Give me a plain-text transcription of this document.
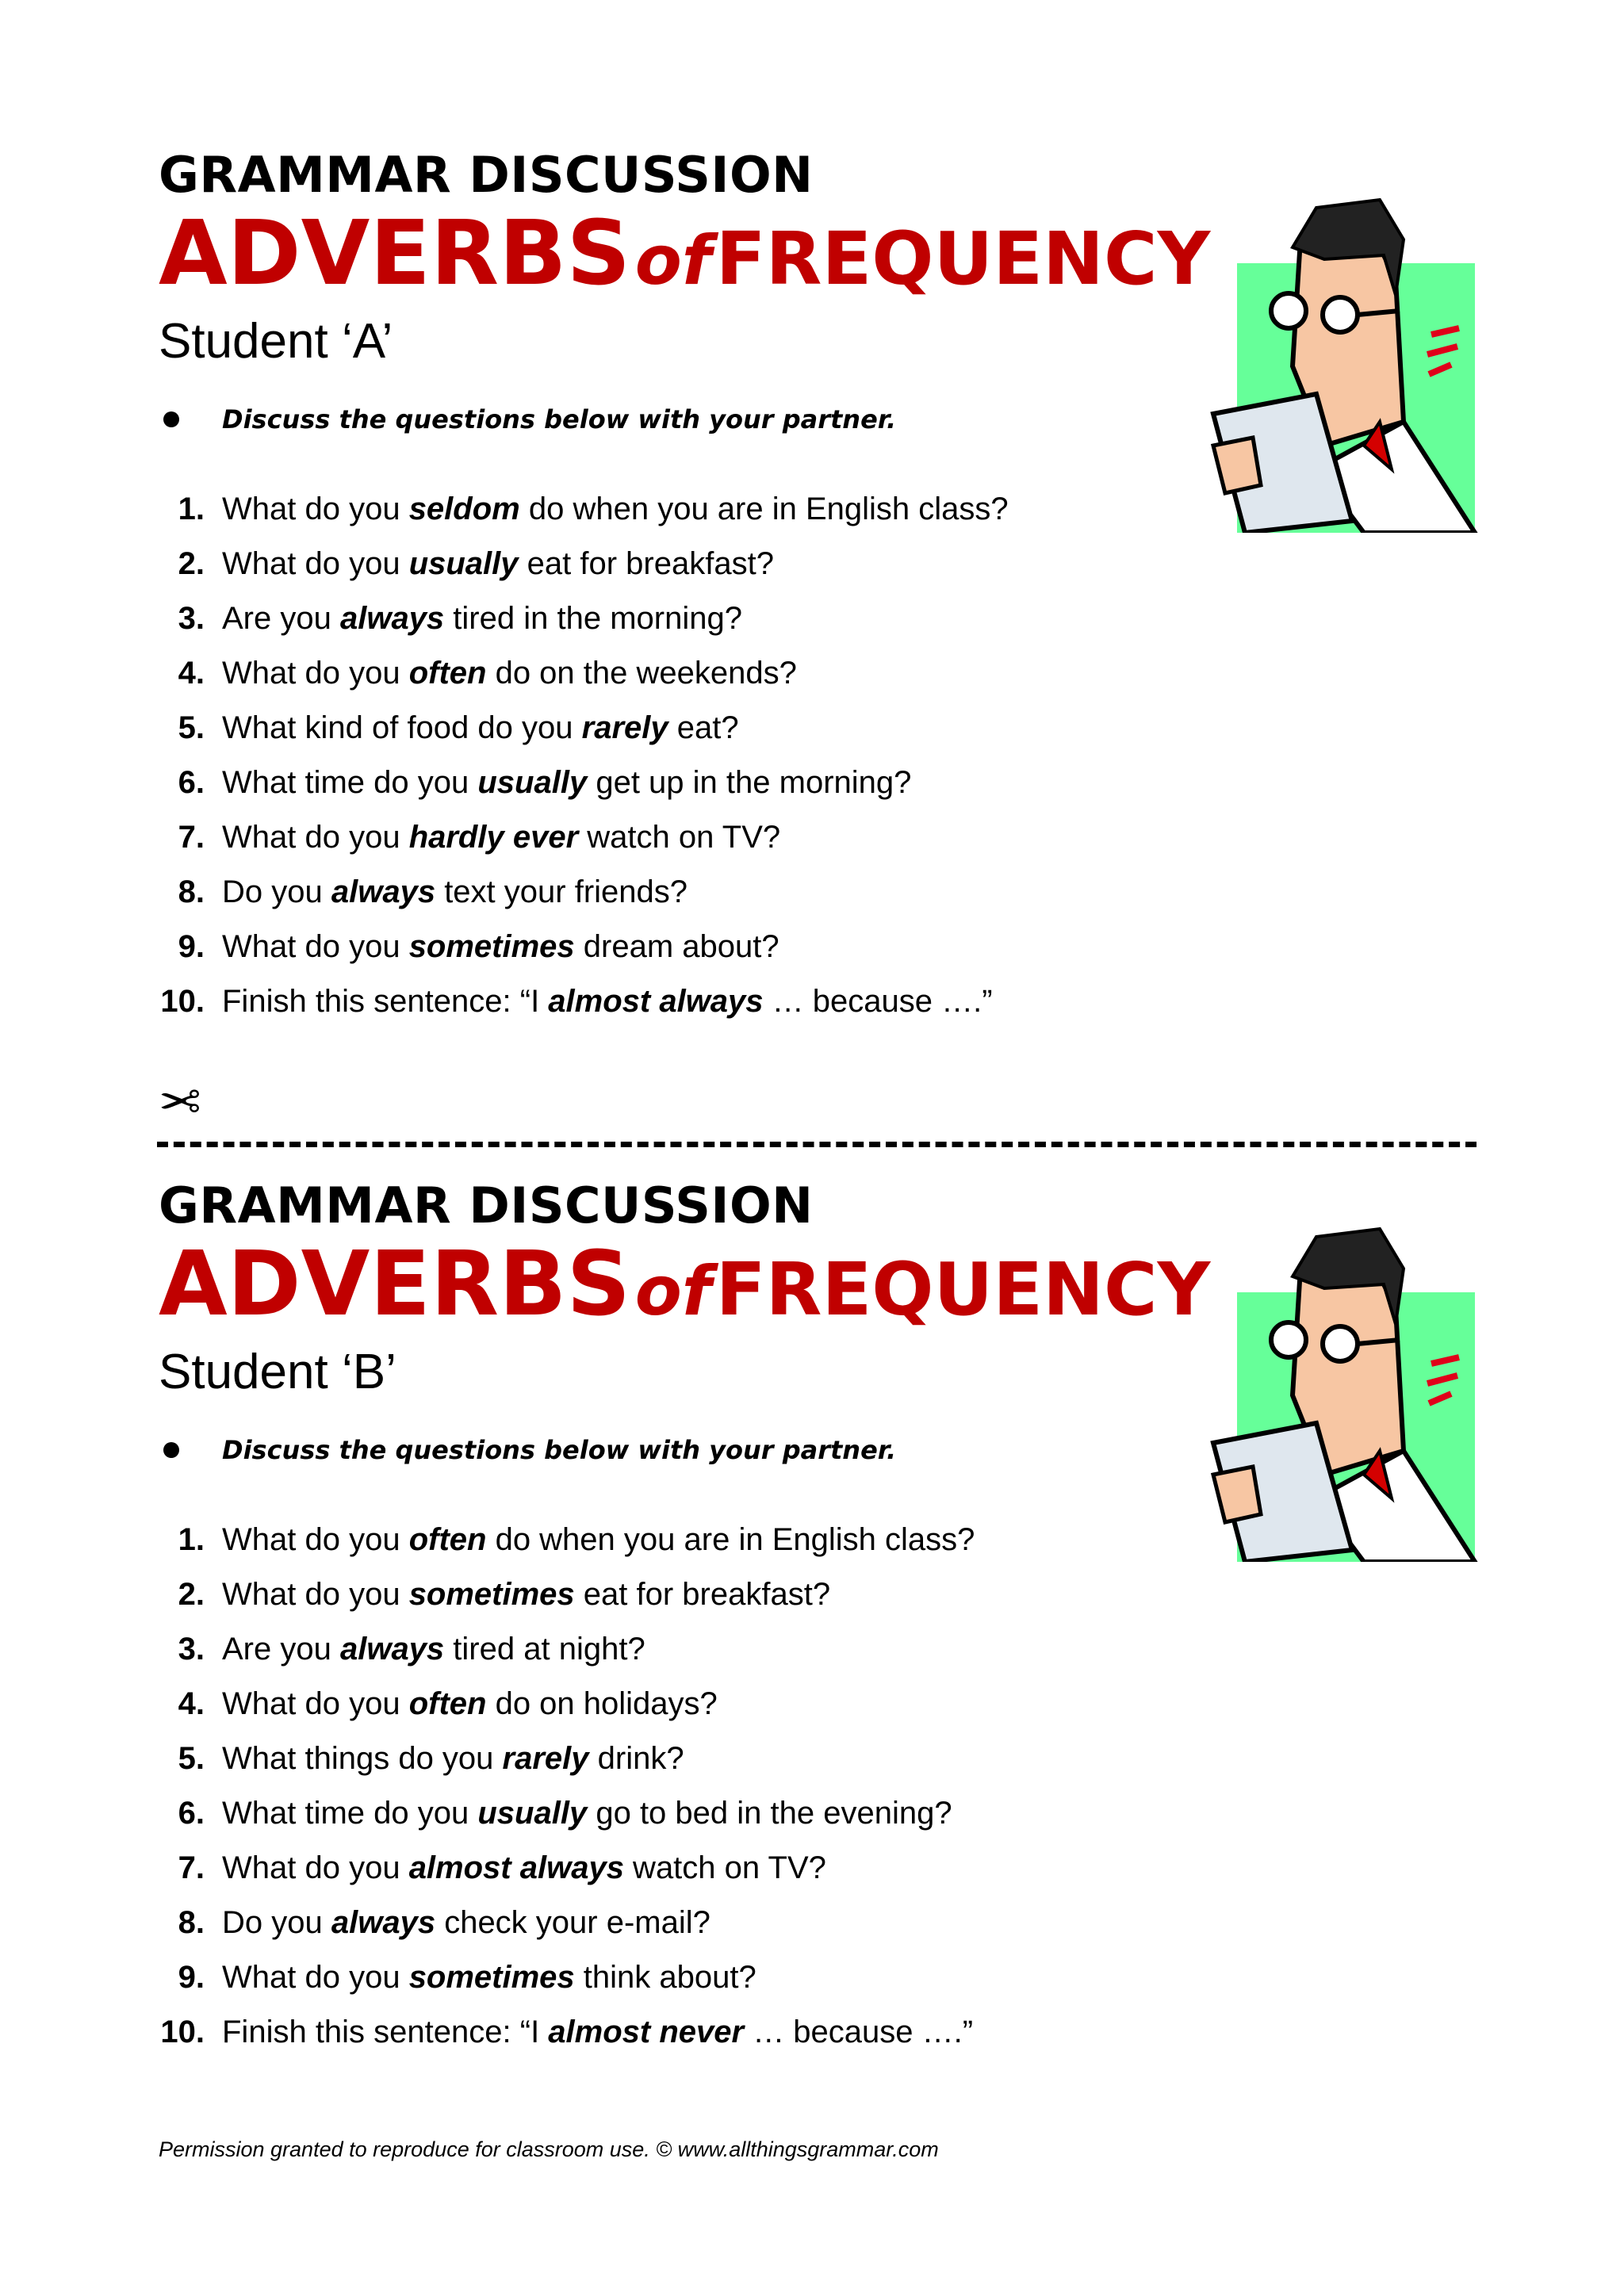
GRAMMAR DISCUSSION
ADVERBS of FREQUENCY
Student ‘A’
Discuss the questions below with your partner.
1. What do you seldom do when you are in English class?
2. What do you usually eat for breakfast?
3. Are you always tired in the morning?
4. What do you often do on the weekends?
5. What kind of food do you rarely eat?
6. What time do you usually get up in the morning?
7. What do you hardly ever watch on TV?
8. Do you always text your friends?
9. What do you sometimes dream about?
10. Finish this sentence: “I almost always … because ….”
✂
GRAMMAR DISCUSSION
ADVERBS of FREQUENCY
Student ‘B’
Discuss the questions below with your partner.
1. What do you often do when you are in English class?
2. What do you sometimes eat for breakfast?
3. Are you always tired at night?
4. What do you often do on holidays?
5. What things do you rarely drink?
6. What time do you usually go to bed in the evening?
7. What do you almost always watch on TV?
8. Do you always check your e-mail?
9. What do you sometimes think about?
10. Finish this sentence: “I almost never … because ….”
Permission granted to reproduce for classroom use. © www.allthingsgrammar.com
